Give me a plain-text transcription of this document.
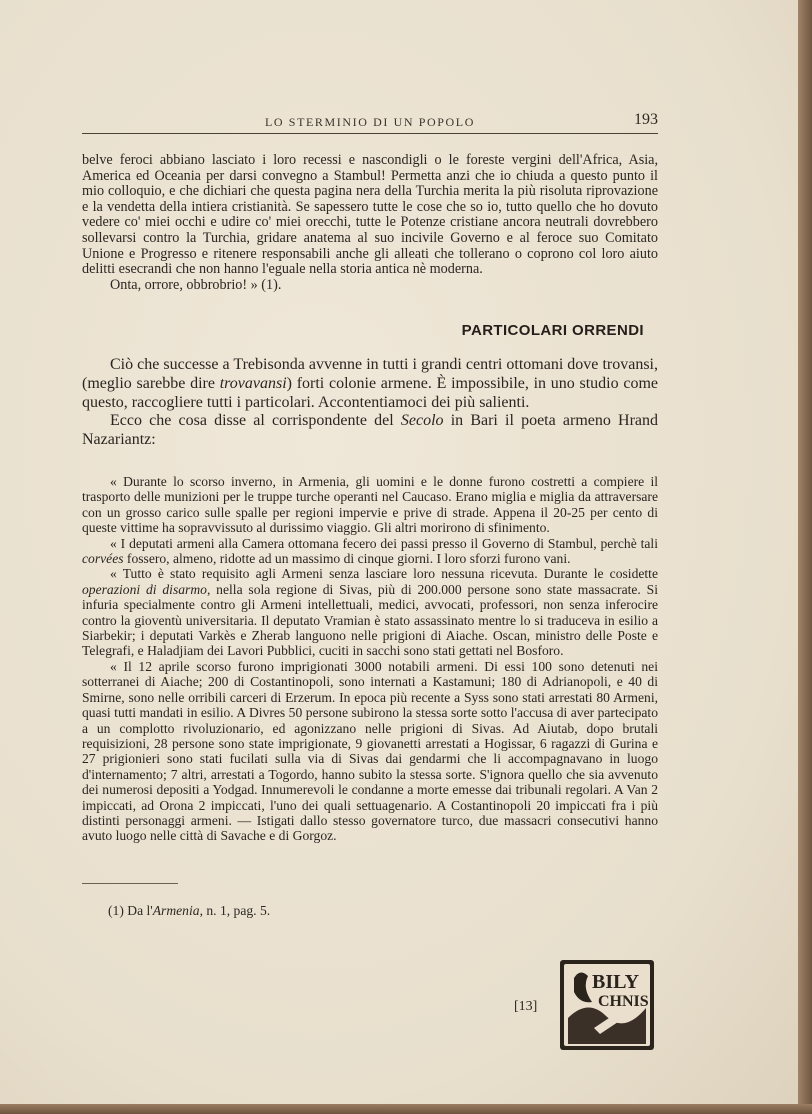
LO STERMINIO DI UN POPOLO	193

belve feroci abbiano lasciato i loro recessi e nascondigli o le foreste vergini dell'Africa, Asia, America ed Oceania per darsi convegno a Stambul! Permetta anzi che io chiuda a questo punto il mio colloquio, e che dichiari che questa pagina nera della Turchia merita la più risoluta riprovazione e la vendetta della intiera cristianità. Se sapessero tutte le cose che so io, tutto quello che ho dovuto vedere co' miei occhi e udire co' miei orecchi, tutte le Potenze cristiane ancora neutrali dovrebbero sollevarsi contro la Turchia, gridare anatema al suo incivile Governo e al feroce suo Comitato Unione e Progresso e ritenere responsabili anche gli alleati che tollerano o coprono col loro aiuto delitti esecrandi che non hanno l'eguale nella storia antica nè moderna.

Onta, orrore, obbrobrio! » (1).

PARTICOLARI ORRENDI

Ciò che successe a Trebisonda avvenne in tutti i grandi centri ottomani dove trovansi, (meglio sarebbe dire trovavansi) forti colonie armene. È impossibile, in uno studio come questo, raccogliere tutti i particolari. Accontentiamoci dei più salienti.

Ecco che cosa disse al corrispondente del Secolo in Bari il poeta armeno Hrand Nazariantz:

« Durante lo scorso inverno, in Armenia, gli uomini e le donne furono costretti a compiere il trasporto delle munizioni per le truppe turche operanti nel Caucaso. Erano miglia e miglia da attraversare con un grosso carico sulle spalle per regioni impervie e prive di strade. Appena il 20-25 per cento di queste vittime ha sopravvissuto al durissimo viaggio. Gli altri morirono di sfinimento.

« I deputati armeni alla Camera ottomana fecero dei passi presso il Governo di Stambul, perchè tali corvées fossero, almeno, ridotte ad un massimo di cinque giorni. I loro sforzi furono vani.

« Tutto è stato requisito agli Armeni senza lasciare loro nessuna ricevuta. Durante le cosidette operazioni di disarmo, nella sola regione di Sivas, più di 200.000 persone sono state massacrate. Si infuria specialmente contro gli Armeni intellettuali, medici, avvocati, professori, non senza inferocire contro la gioventù universitaria. Il deputato Vramian è stato assassinato mentre lo si traduceva in esilio a Siarbekir; i deputati Varkès e Zherab languono nelle prigioni di Aiache. Oscan, ministro delle Poste e Telegrafi, e Haladjiam dei Lavori Pubblici, cuciti in sacchi sono stati gettati nel Bosforo.

« Il 12 aprile scorso furono imprigionati 3000 notabili armeni. Di essi 100 sono detenuti nei sotterranei di Aiache; 200 di Costantinopoli, sono internati a Kastamuni; 180 di Adrianopoli, e 40 di Smirne, sono nelle orribili carceri di Erzerum. In epoca più recente a Syss sono stati arrestati 80 Armeni, quasi tutti mandati in esilio. A Divres 50 persone subirono la stessa sorte sotto l'accusa di aver partecipato a un complotto rivoluzionario, ed agonizzano nelle prigioni di Sivas. Ad Aiutab, dopo brutali requisizioni, 28 persone sono state imprigionate, 9 giovanetti arrestati a Hogissar, 6 ragazzi di Gurina e 27 prigionieri sono stati fucilati sulla via di Sivas dai gendarmi che li accompagnavano in luogo d'internamento; 7 altri, arrestati a Togordo, hanno subito la stessa sorte. S'ignora quello che sia avvenuto dei numerosi depositi a Yodgad. Innumerevoli le condanne a morte emesse dai tribunali regolari. A Van 2 impiccati, ad Orona 2 impiccati, l'uno dei quali settuagenario. A Costantinopoli 20 impiccati fra i più distinti personaggi armeni. — Istigati dallo stesso governatore turco, due massacri consecutivi hanno avuto luogo nelle città di Savache e di Gorgoz.

(1) Da l'Armenia, n. 1, pag. 5.
[13]
BILY
CHNIS
